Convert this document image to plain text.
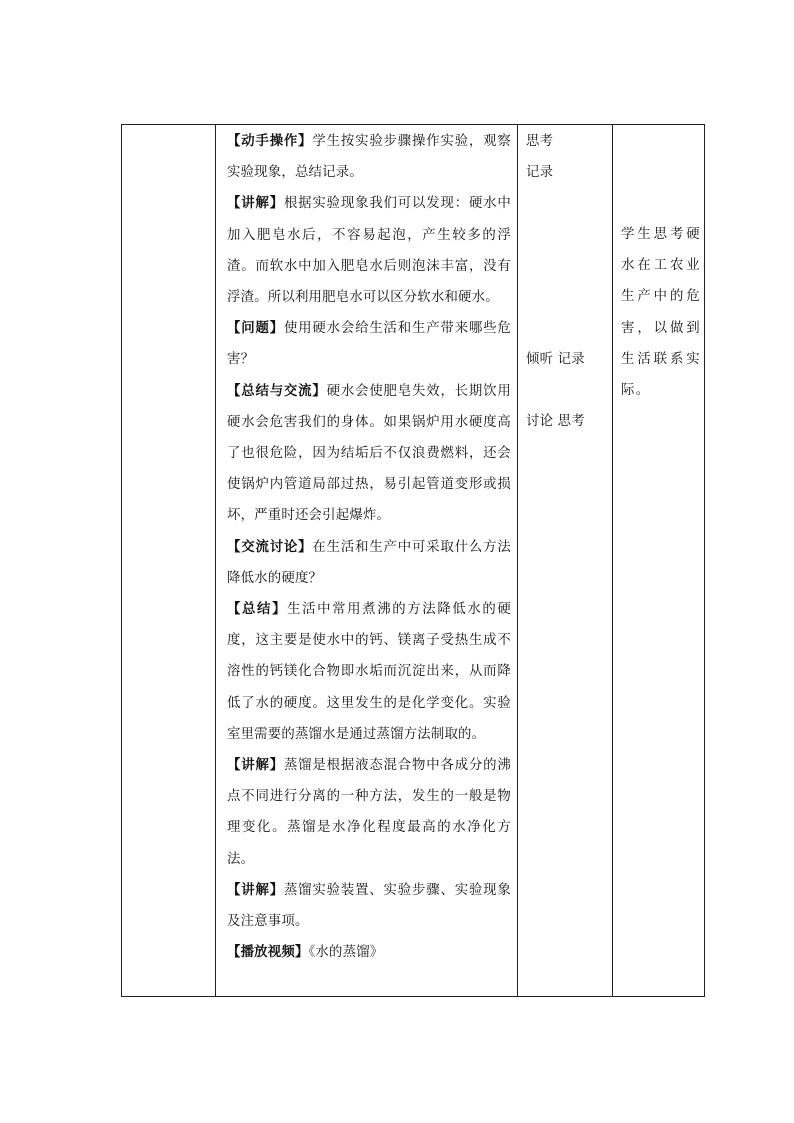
【动手操作】学生按实验步骤操作实验，观察实验现象，总结记录。

【讲解】根据实验现象我们可以发现：硬水中加入肥皂水后，不容易起泡，产生较多的浮渣。而软水中加入肥皂水后则泡沫丰富，没有浮渣。所以利用肥皂水可以区分软水和硬水。

【问题】使用硬水会给生活和生产带来哪些危害？

【总结与交流】硬水会使肥皂失效，长期饮用硬水会危害我们的身体。如果锅炉用水硬度高了也很危险，因为结垢后不仅浪费燃料，还会使锅炉内管道局部过热，易引起管道变形或损坏，严重时还会引起爆炸。

【交流讨论】在生活和生产中可采取什么方法降低水的硬度？

【总结】生活中常用煮沸的方法降低水的硬度，这主要是使水中的钙、镁离子受热生成不溶性的钙镁化合物即水垢而沉淀出来，从而降低了水的硬度。这里发生的是化学变化。实验室里需要的蒸馏水是通过蒸馏方法制取的。

【讲解】蒸馏是根据液态混合物中各成分的沸点不同进行分离的一种方法，发生的一般是物理变化。蒸馏是水净化程度最高的水净化方法。

【讲解】蒸馏实验装置、实验步骤、实验现象及注意事项。

【播放视频】《水的蒸馏》

思考
记录
倾听 记录
讨论 思考
学生思考硬水在工农业生产中的危害，以做到生活联系实际。
